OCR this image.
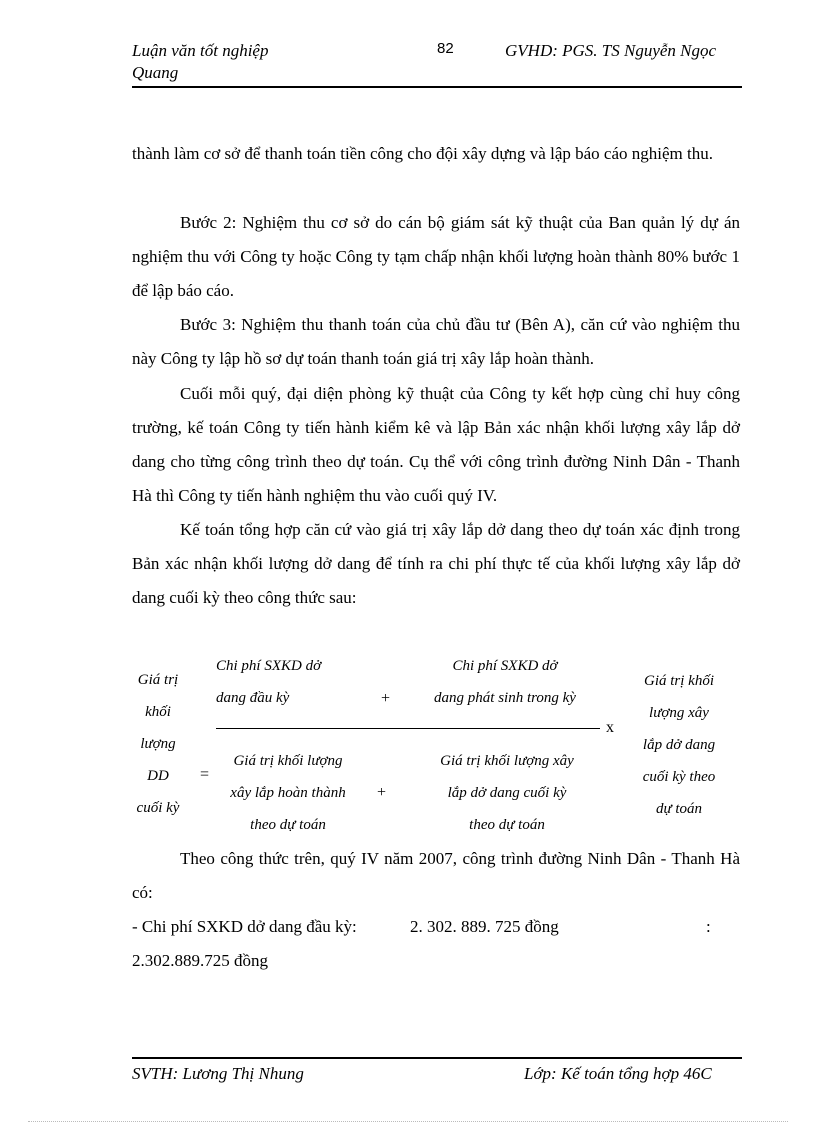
Luận văn tốt nghiệp
Quang
82	GVHD: PGS. TS Nguyễn Ngọc

thành làm cơ sở để thanh toán tiền công cho đội xây dựng và lập báo cáo nghiệm thu.

Bước 2: Nghiệm thu cơ sở do cán bộ giám sát kỹ thuật của Ban quản lý dự án nghiệm thu với Công ty hoặc Công ty tạm chấp nhận khối lượng hoàn thành 80% bước 1 để lập báo cáo.

Bước 3: Nghiệm thu thanh toán của chủ đầu tư (Bên A), căn cứ vào nghiệm thu này Công ty lập hồ sơ dự toán thanh toán giá trị xây lắp hoàn thành.

Cuối mỗi quý, đại diện phòng kỹ thuật của Công ty kết hợp cùng chỉ huy công trường, kế toán Công ty tiến hành kiểm kê và lập Bản xác nhận khối lượng xây lắp dở dang cho từng công trình theo dự toán. Cụ thể với công trình đường Ninh Dân - Thanh Hà thì Công ty tiến hành nghiệm thu vào cuối quý IV.

Kế toán tổng hợp căn cứ vào giá trị xây lắp dở dang theo dự toán xác định trong Bản xác nhận khối lượng dở dang để tính ra chi phí thực tế của khối lượng xây lắp dở dang cuối kỳ theo công thức sau:

Giá trị
khối
lượng
DD
cuối kỳ
=
Chi phí SXKD dở
dang đầu kỳ	+
Chi phí SXKD dở
dang phát sinh trong kỳ
x
Giá trị khối lượng
xây lắp hoàn thành
theo dự toán
+
Giá trị khối lượng xây
lắp dở dang cuối kỳ
theo dự toán
Giá trị khối
lượng xây
lắp dở dang
cuối kỳ theo
dự toán

Theo công thức trên, quý IV năm 2007, công trình đường Ninh Dân - Thanh Hà có:

- Chi phí SXKD dở dang đầu kỳ:	2. 302. 889. 725 đồng	:
2.302.889.725 đồng
SVTH: Lương Thị Nhung	Lớp: Kế toán tổng hợp 46C
